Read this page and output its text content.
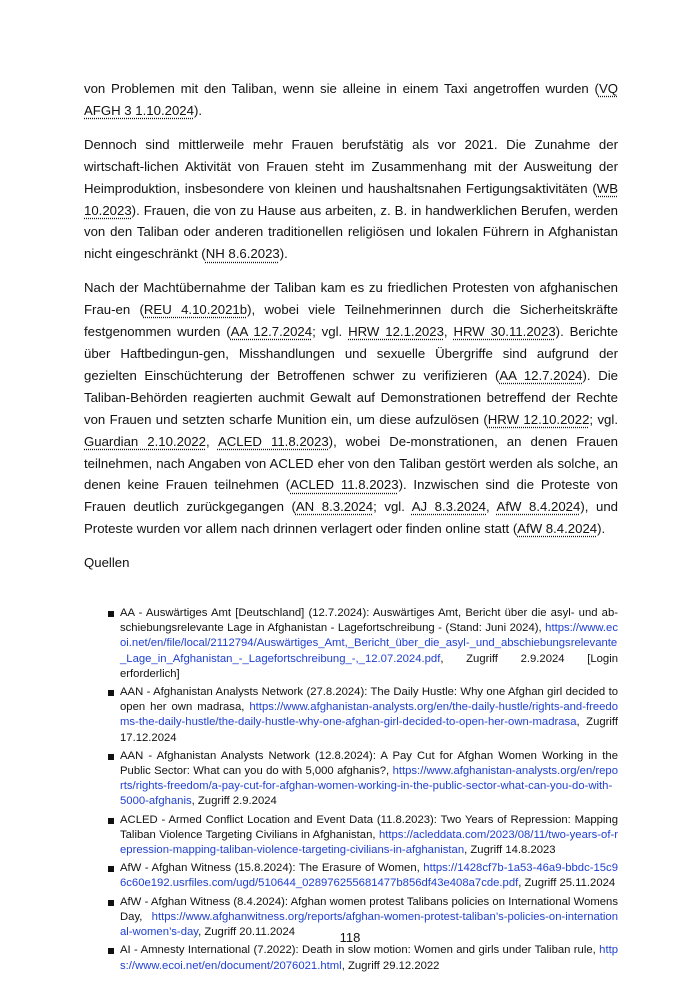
von Problemen mit den Taliban, wenn sie alleine in einem Taxi angetroffen wurden (VQ AFGH 3 1.10.2024).

Dennoch sind mittlerweile mehr Frauen berufstätig als vor 2021. Die Zunahme der wirtschaft-lichen Aktivität von Frauen steht im Zusammenhang mit der Ausweitung der Heimproduktion, insbesondere von kleinen und haushaltsnahen Fertigungsaktivitäten (WB 10.2023). Frauen, die von zu Hause aus arbeiten, z. B. in handwerklichen Berufen, werden von den Taliban oder anderen traditionellen religiösen und lokalen Führern in Afghanistan nicht eingeschränkt (NH 8.6.2023).

Nach der Machtübernahme der Taliban kam es zu friedlichen Protesten von afghanischen Frau-en (REU 4.10.2021b), wobei viele Teilnehmerinnen durch die Sicherheitskräfte festgenommen wurden (AA 12.7.2024; vgl. HRW 12.1.2023, HRW 30.11.2023). Berichte über Haftbedingun-gen, Misshandlungen und sexuelle Übergriffe sind aufgrund der gezielten Einschüchterung der Betroffenen schwer zu verifizieren (AA 12.7.2024). Die Taliban-Behörden reagierten auchmit Gewalt auf Demonstrationen betreffend der Rechte von Frauen und setzten scharfe Munition ein, um diese aufzulösen (HRW 12.10.2022; vgl. Guardian 2.10.2022, ACLED 11.8.2023), wobei De-monstrationen, an denen Frauen teilnehmen, nach Angaben von ACLED eher von den Taliban gestört werden als solche, an denen keine Frauen teilnehmen (ACLED 11.8.2023). Inzwischen sind die Proteste von Frauen deutlich zurückgegangen (AN 8.3.2024; vgl. AJ 8.3.2024, AfW 8.4.2024), und Proteste wurden vor allem nach drinnen verlagert oder finden online statt (AfW 8.4.2024).

Quellen
AA - Auswärtiges Amt [Deutschland] (12.7.2024): Auswärtiges Amt, Bericht über die asyl- und ab-schiebungsrelevante Lage in Afghanistan - Lagefortschreibung - (Stand: Juni 2024), https://www.ecoi.net/en/file/local/2112794/Auswärtiges_Amt,_Bericht_über_die_asyl-_und_abschiebungsrelevante_Lage_in_Afghanistan_-_Lagefortschreibung_-,_12.07.2024.pdf, Zugriff 2.9.2024 [Login erforderlich]
AAN - Afghanistan Analysts Network (27.8.2024): The Daily Hustle: Why one Afghan girl decided to open her own madrasa, https://www.afghanistan-analysts.org/en/the-daily-hustle/rights-and-freedoms-the-daily-hustle/the-daily-hustle-why-one-afghan-girl-decided-to-open-her-own-madrasa, Zugriff 17.12.2024
AAN - Afghanistan Analysts Network (12.8.2024): A Pay Cut for Afghan Women Working in the Public Sector: What can you do with 5,000 afghanis?, https://www.afghanistan-analysts.org/en/reports/rights-freedom/a-pay-cut-for-afghan-women-working-in-the-public-sector-what-can-you-do-with-5000-afghanis, Zugriff 2.9.2024
ACLED - Armed Conflict Location and Event Data (11.8.2023): Two Years of Repression: Mapping Taliban Violence Targeting Civilians in Afghanistan, https://acleddata.com/2023/08/11/two-years-of-repression-mapping-taliban-violence-targeting-civilians-in-afghanistan, Zugriff 14.8.2023
AfW - Afghan Witness (15.8.2024): The Erasure of Women, https://1428cf7b-1a53-46a9-bbdc-15c96c60e192.usrfiles.com/ugd/510644_028976255681477b856df43e408a7cde.pdf, Zugriff 25.11.2024
AfW - Afghan Witness (8.4.2024): Afghan women protest Talibans policies on International Womens Day, https://www.afghanwitness.org/reports/afghan-women-protest-taliban’s-policies-on-international-women’s-day, Zugriff 20.11.2024
AI - Amnesty International (7.2022): Death in slow motion: Women and girls under Taliban rule, https://www.ecoi.net/en/document/2076021.html, Zugriff 29.12.2022
118
